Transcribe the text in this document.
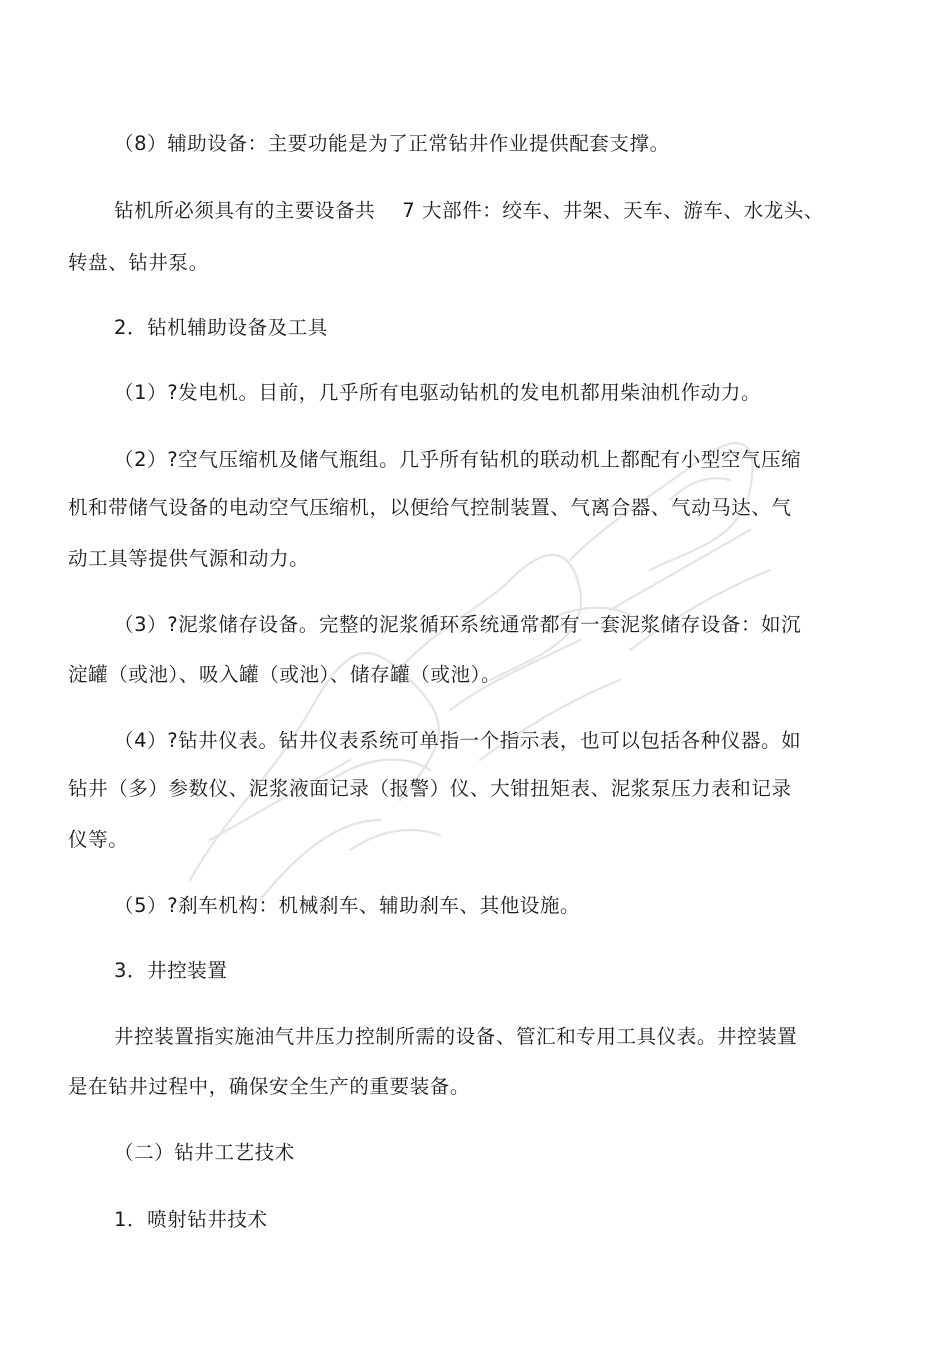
（8）辅助设备：主要功能是为了正常钻井作业提供配套支撑。
钻机所必须具有的主要设备共　 7 大部件：绞车、井架、天车、游车、水龙头、
转盘、钻井泵。
2．钻机辅助设备及工具
（1）?发电机。目前，几乎所有电驱动钻机的发电机都用柴油机作动力。
（2）?空气压缩机及储气瓶组。几乎所有钻机的联动机上都配有小型空气压缩
机和带储气设备的电动空气压缩机，以便给气控制装置、气离合器、气动马达、气
动工具等提供气源和动力。
（3）?泥浆储存设备。完整的泥浆循环系统通常都有一套泥浆储存设备：如沉
淀罐（或池）、吸入罐（或池）、储存罐（或池）。
（4）?钻井仪表。钻井仪表系统可单指一个指示表，也可以包括各种仪器。如
钻井（多）参数仪、泥浆液面记录（报警）仪、大钳扭矩表、泥浆泵压力表和记录
仪等。
（5）?刹车机构：机械刹车、辅助刹车、其他设施。
3．井控装置
井控装置指实施油气井压力控制所需的设备、管汇和专用工具仪表。井控装置
是在钻井过程中，确保安全生产的重要装备。
（二）钻井工艺技术
1．喷射钻井技术
